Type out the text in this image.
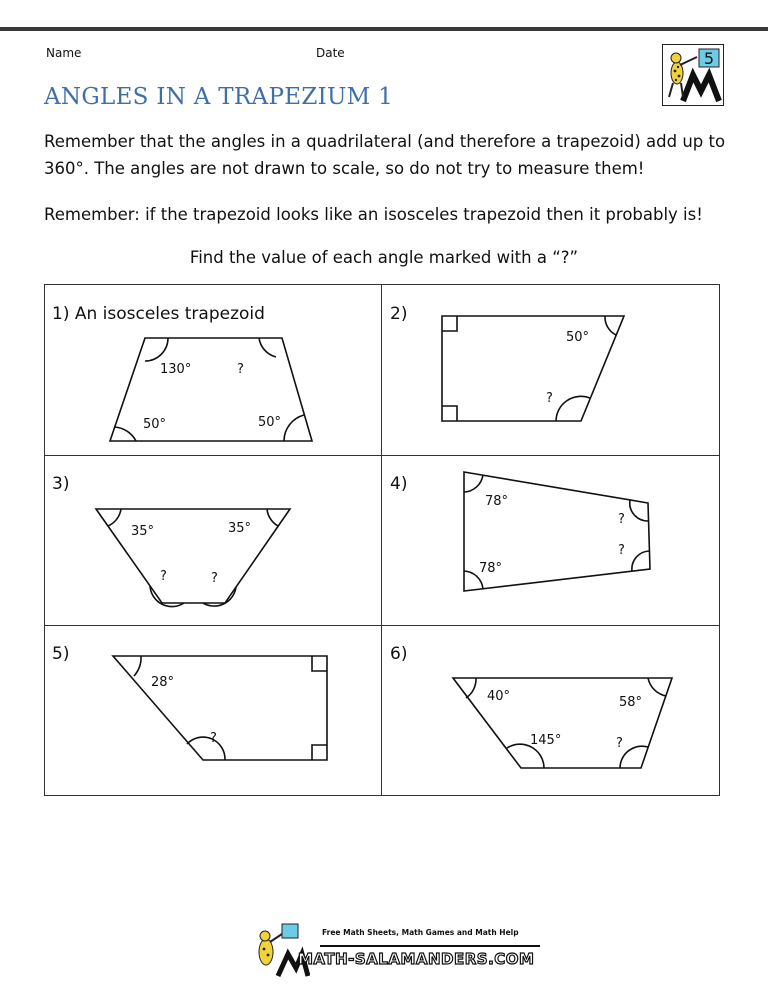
Name	Date
ANGLES IN A TRAPEZIUM 1
5
Remember that the angles in a quadrilateral (and therefore a trapezoid) add up to 360°. The angles are not drawn to scale, so do not try to measure them!
Remember: if the trapezoid looks like an isosceles trapezoid then it probably is!
Find the value of each angle marked with a “?”
1) An isosceles trapezoid	2)
3)	4)
5)	6)
130°	?
50°	50°
50°
?
35°	35°
?	?
78°
?
?
78°
28°
?
40°	58°
145°	?
Free Math Sheets, Math Games and Math Help
MATH-SALAMANDERS.COM
